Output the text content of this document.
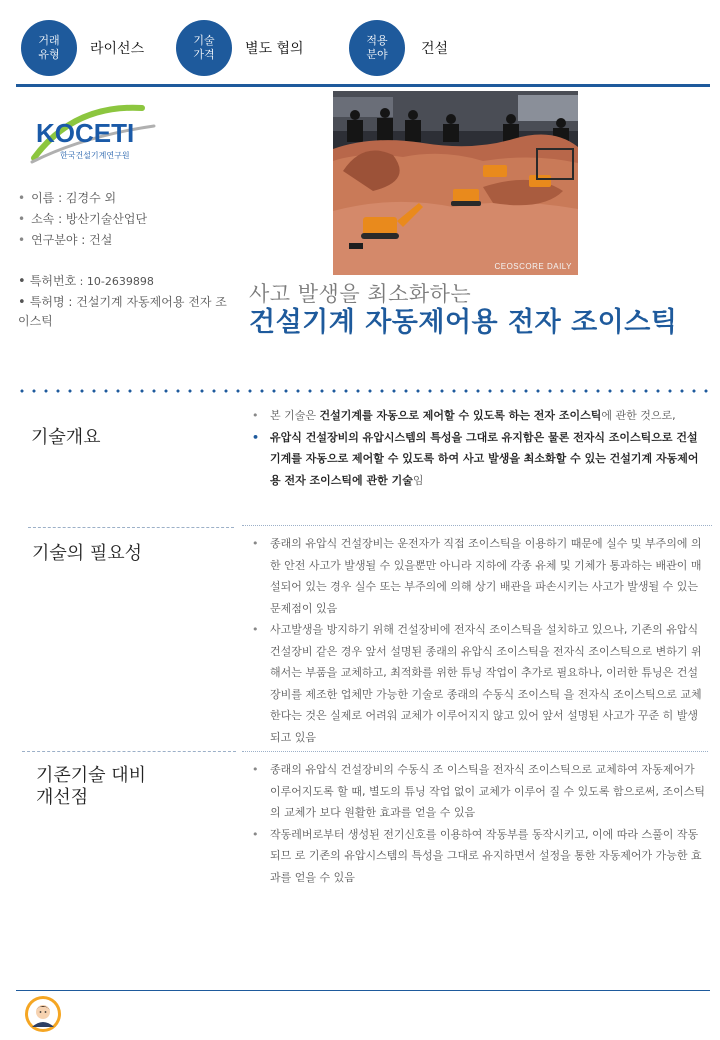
거래
유형	라이선스
기술
가격	별도 협의
적용
분야	건설
KOCETI
한국건설기계연구원
• 이름 : 김경수 외
• 소속 : 방산기술산업단
• 연구분야 : 건설
• 특허번호 : 10-2639898
• 특허명 : 건설기계 자동제어용 전자 조이스틱
CEOSCORE DAILY
사고 발생을 최소화하는
건설기계 자동제어용 전자 조이스틱
기술개요
• 본 기술은 건설기계를 자동으로 제어할 수 있도록 하는 전자 조이스틱에 관한 것으로,
• 유압식 건설장비의 유압시스템의 특성을 그대로 유지함은 물론 전자식 조이스틱으로 건설기계를 자동으로 제어할 수 있도록 하여 사고 발생을 최소화할 수 있는 건설기계 자동제어용 전자 조이스틱에 관한 기술임
기술의 필요성	• 종래의 유압식 건설장비는 운전자가 직접 조이스틱을 이용하기 때문에 실수 및 부주의에 의한 안전 사고가 발생될 수 있을뿐만 아니라 지하에 각종 유체 및 기체가 통과하는 배관이 매설되어 있는 경우 실수 또는 부주의에 의해 상기 배관을 파손시키는 사고가 발생될 수 있는 문제점이 있음
• 사고발생을 방지하기 위해 건설장비에 전자식 조이스틱을 설치하고 있으나, 기존의 유압식 건설장비 같은 경우 앞서 설명된 종래의 유압식 조이스틱을 전자식 조이스틱으로 변하기 위해서는 부품을 교체하고, 최적화를 위한 튜닝 작업이 추가로 필요하나, 이러한 튜닝은 건설장비를 제조한 업체만 가능한 기술로 종래의 수동식 조이스틱 을 전자식 조이스틱으로 교체한다는 것은 실제로 어려워 교체가 이루어지지 않고 있어 앞서 설명된 사고가 꾸준 히 발생되고 있음
기존기술 대비
개선점
• 종래의 유압식 건설장비의 수동식 조 이스틱을 전자식 조이스틱으로 교체하여 자동제어가 이루어지도록 할 때, 별도의 튜닝 작업 없이 교체가 이루어 질 수 있도록 함으로써, 조이스틱의 교체가 보다 원활한 효과를 얻을 수 있음
• 작동레버로부터 생성된 전기신호를 이용하여 작동부를 동작시키고, 이에 따라 스풀이 작동되므 로 기존의 유압시스템의 특성을 그대로 유지하면서 설정을 통한 자동제어가 가능한 효과를 얻을 수 있음
